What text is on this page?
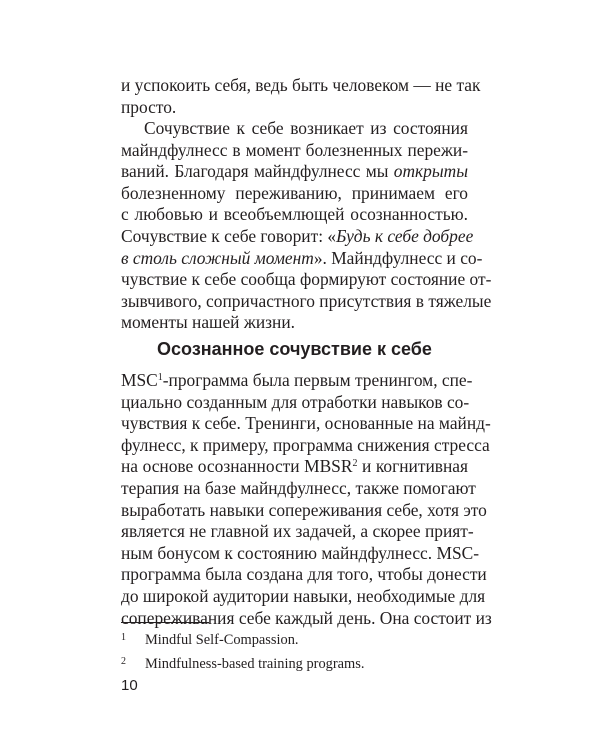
и успокоить себя, ведь быть человеком — не так
просто.
Сочувствие к себе возникает из состояния
майндфулнесс в момент болезненных пережи-
ваний. Благодаря майндфулнесс мы открыты
болезненному переживанию, принимаем его
с любовью и всеобъемлющей осознанностью.
Сочувствие к себе говорит: «Будь к себе добрее
в столь сложный момент». Майндфулнесс и со-
чувствие к себе сообща формируют состояние от-
зывчивого, сопричастного присутствия в тяжелые
моменты нашей жизни.
Осознанное сочувствие к себе
MSC$^1$-программа была первым тренингом, спе-
циально созданным для отработки навыков со-
чувствия к себе. Тренинги, основанные на майнд-
фулнесс, к примеру, программа снижения стресса
на основе осознанности MBSR$^2$ и когнитивная
терапия на базе майндфулнесс, также помогают
выработать навыки сопереживания себе, хотя это
является не главной их задачей, а скорее прият-
ным бонусом к состоянию майндфулнесс. MSC-
программа была создана для того, чтобы донести
до широкой аудитории навыки, необходимые для
сопереживания себе каждый день. Она состоит из
1 Mindful Self-Compassion.
2 Mindfulness-based training programs.
10
